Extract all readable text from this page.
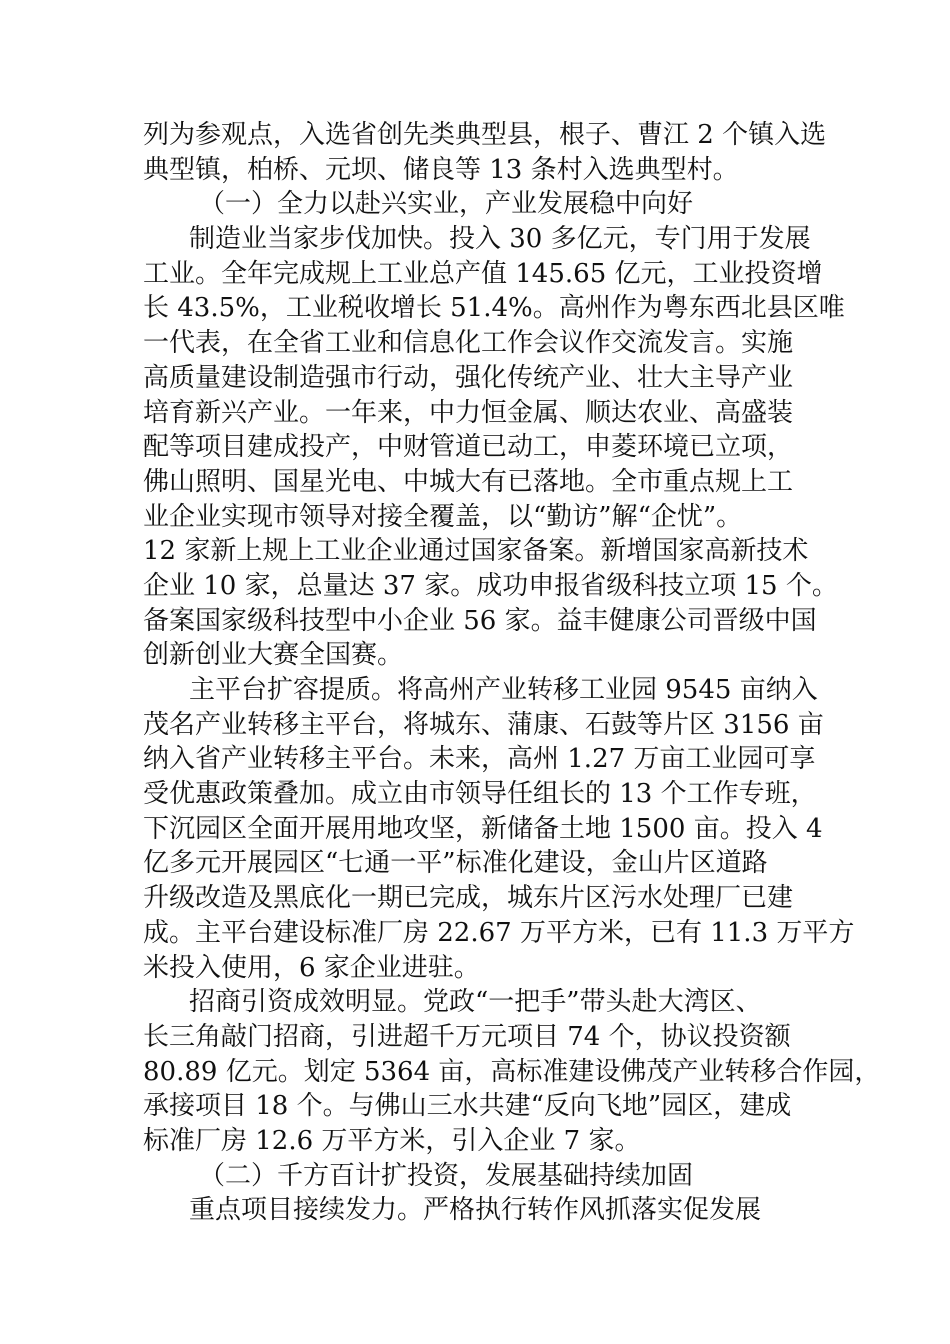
列为参观点，入选省创先类典型县，根子、曹江 2 个镇入选
典型镇，柏桥、元坝、储良等 13 条村入选典型村。
（一）全力以赴兴实业，产业发展稳中向好
制造业当家步伐加快。投入 30 多亿元，专门用于发展
工业。全年完成规上工业总产值 145.65 亿元，工业投资增
长 43.5%，工业税收增长 51.4%。高州作为粤东西北县区唯
一代表，在全省工业和信息化工作会议作交流发言。实施
高质量建设制造强市行动，强化传统产业、壮大主导产业
培育新兴产业。一年来，中力恒金属、顺达农业、高盛装
配等项目建成投产，中财管道已动工，申菱环境已立项，
佛山照明、国星光电、中城大有已落地。全市重点规上工
业企业实现市领导对接全覆盖，以“勤访”解“企忧”。
12 家新上规上工业企业通过国家备案。新增国家高新技术
企业 10 家，总量达 37 家。成功申报省级科技立项 15 个。
备案国家级科技型中小企业 56 家。益丰健康公司晋级中国
创新创业大赛全国赛。
主平台扩容提质。将高州产业转移工业园 9545 亩纳入
茂名产业转移主平台，将城东、蒲康、石鼓等片区 3156 亩
纳入省产业转移主平台。未来，高州 1.27 万亩工业园可享
受优惠政策叠加。成立由市领导任组长的 13 个工作专班，
下沉园区全面开展用地攻坚，新储备土地 1500 亩。投入 4
亿多元开展园区“七通一平”标准化建设，金山片区道路
升级改造及黑底化一期已完成，城东片区污水处理厂已建
成。主平台建设标准厂房 22.67 万平方米，已有 11.3 万平方
米投入使用，6 家企业进驻。
招商引资成效明显。党政“一把手”带头赴大湾区、
长三角敲门招商，引进超千万元项目 74 个，协议投资额
80.89 亿元。划定 5364 亩，高标准建设佛茂产业转移合作园，
承接项目 18 个。与佛山三水共建“反向飞地”园区，建成
标准厂房 12.6 万平方米，引入企业 7 家。
（二）千方百计扩投资，发展基础持续加固
重点项目接续发力。严格执行转作风抓落实促发展
